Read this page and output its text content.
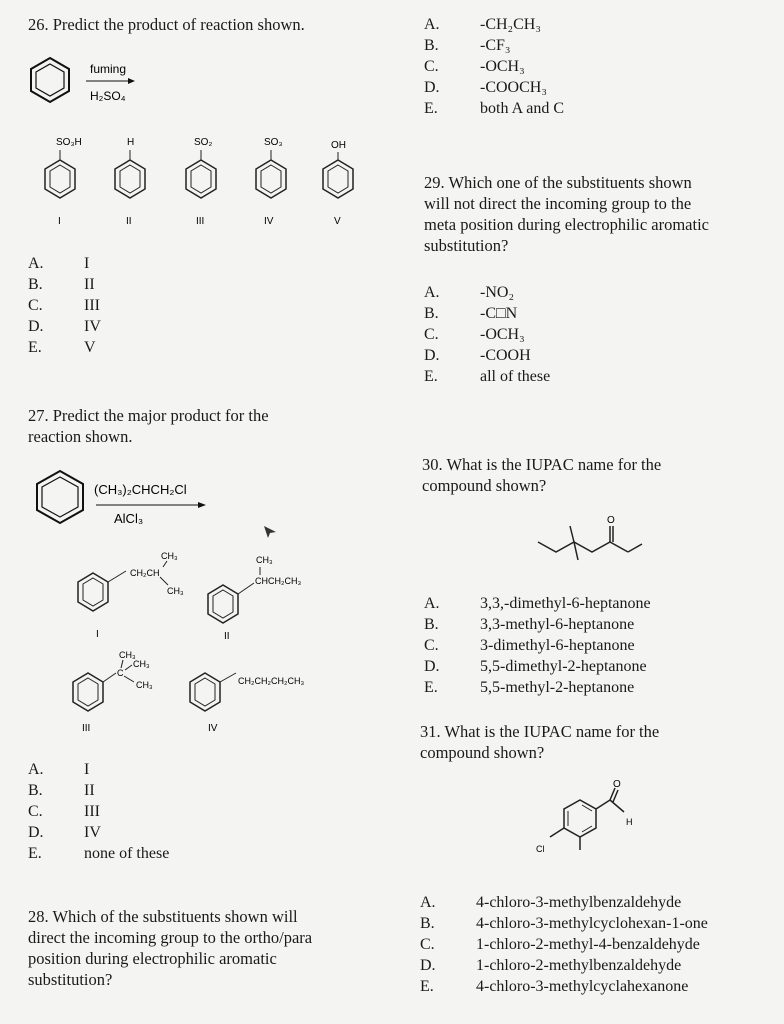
26. Predict the product of reaction shown.
fuming
H₂SO₄
SO₃H
I
H
II
SO₂
III
SO₃
IV
OH
V
A.	I
B.	II
C.	III
D.	IV
E.	V
27. Predict the major product for the
reaction shown.
(CH₃)₂CHCH₂Cl
AlCl₃
CH₃
CH₂CH
CH₃
I
CH₃
CHCH₂CH₃
II
CH₃
C
CH₃
CH₃
III
CH₂CH₂CH₂CH₃
IV
A.	I
B.	II
C.	III
D.	IV
E.	none of these
28. Which of the substituents shown will
direct the incoming group to the ortho/para
position during electrophilic aromatic
substitution?
A.	-CH₂CH₃
B.	-CF₃
C.	-OCH₃
D.	-COOCH₃
E.	both A and C
29. Which one of the substituents shown
will not direct the incoming group to the
meta position during electrophilic aromatic
substitution?
A.	-NO₂
B.	-C□N
C.	-OCH₃
D.	-COOH
E.	all of these
30. What is the IUPAC name for the
compound shown?
O
A.	3,3,-dimethyl-6-heptanone
B.	3,3-methyl-6-heptanone
C.	3-dimethyl-6-heptanone
D.	5,5-dimethyl-2-heptanone
E.	5,5-methyl-2-heptanone
31. What is the IUPAC name for the
compound shown?
O
H
Cl
A.	4-chloro-3-methylbenzaldehyde
B.	4-chloro-3-methylcyclohexan-1-one
C.	1-chloro-2-methyl-4-benzaldehyde
D.	1-chloro-2-methylbenzaldehyde
E.	4-chloro-3-methylcyclahexanone
